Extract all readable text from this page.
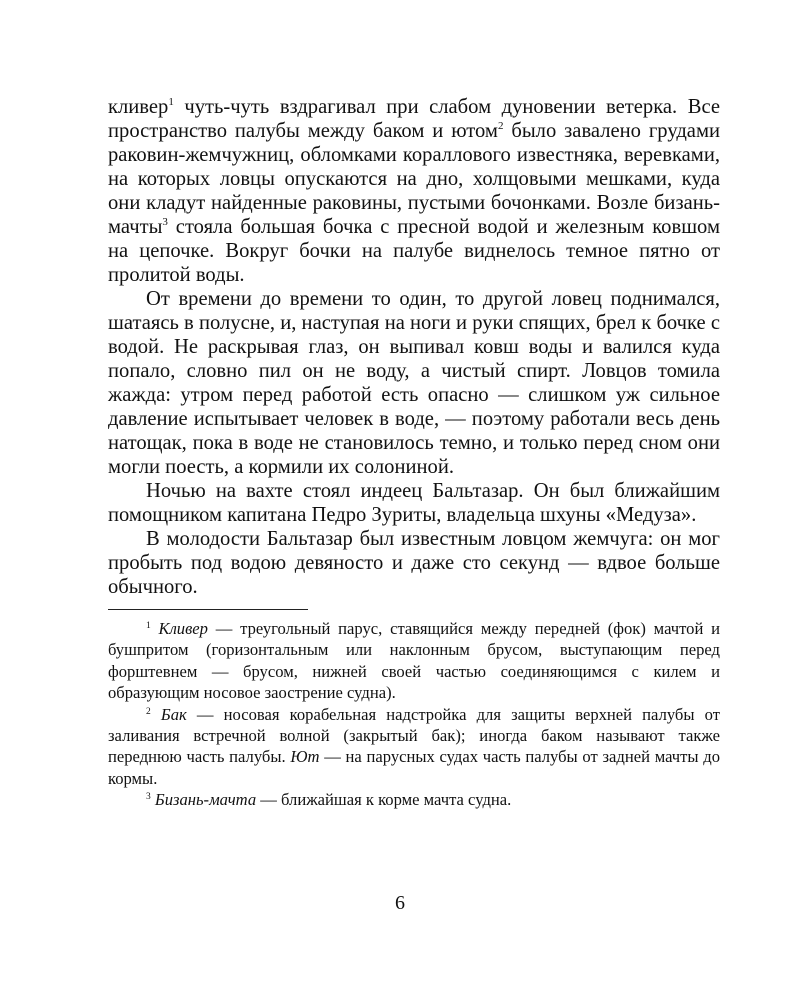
кливер$^1$ чуть-чуть вздрагивал при слабом дуновении ветерка. Все пространство палубы между баком и ютом$^2$ было завалено грудами раковин-жемчужниц, обломками кораллового известняка, веревками, на которых ловцы опускаются на дно, холщовыми мешками, куда они кладут найденные раковины, пустыми бочонками. Возле бизань-мачты$^3$ стояла большая бочка с пресной водой и железным ковшом на цепочке. Вокруг бочки на палубе виднелось темное пятно от пролитой воды.

От времени до времени то один, то другой ловец поднимался, шатаясь в полусне, и, наступая на ноги и руки спящих, брел к бочке с водой. Не раскрывая глаз, он выпивал ковш воды и валился куда попало, словно пил он не воду, а чистый спирт. Ловцов томила жажда: утром перед работой есть опасно — слишком уж сильное давление испытывает человек в воде, — поэтому работали весь день натощак, пока в воде не становилось темно, и только перед сном они могли поесть, а кормили их солониной.

Ночью на вахте стоял индеец Бальтазар. Он был ближайшим помощником капитана Педро Зуриты, владельца шхуны «Медуза».

В молодости Бальтазар был известным ловцом жемчуга: он мог пробыть под водою девяносто и даже сто секунд — вдвое больше обычного.

$^1$ Кливер — треугольный парус, ставящийся между передней (фок) мачтой и бушпритом (горизонтальным или наклонным брусом, выступающим перед форштевнем — брусом, нижней своей частью соединяющимся с килем и образующим носовое заострение судна).

$^2$ Бак — носовая корабельная надстройка для защиты верхней палубы от заливания встречной волной (закрытый бак); иногда баком называют также переднюю часть палубы. Ют — на парусных судах часть палубы от задней мачты до кормы.

$^3$ Бизань-мачта — ближайшая к корме мачта судна.

6
